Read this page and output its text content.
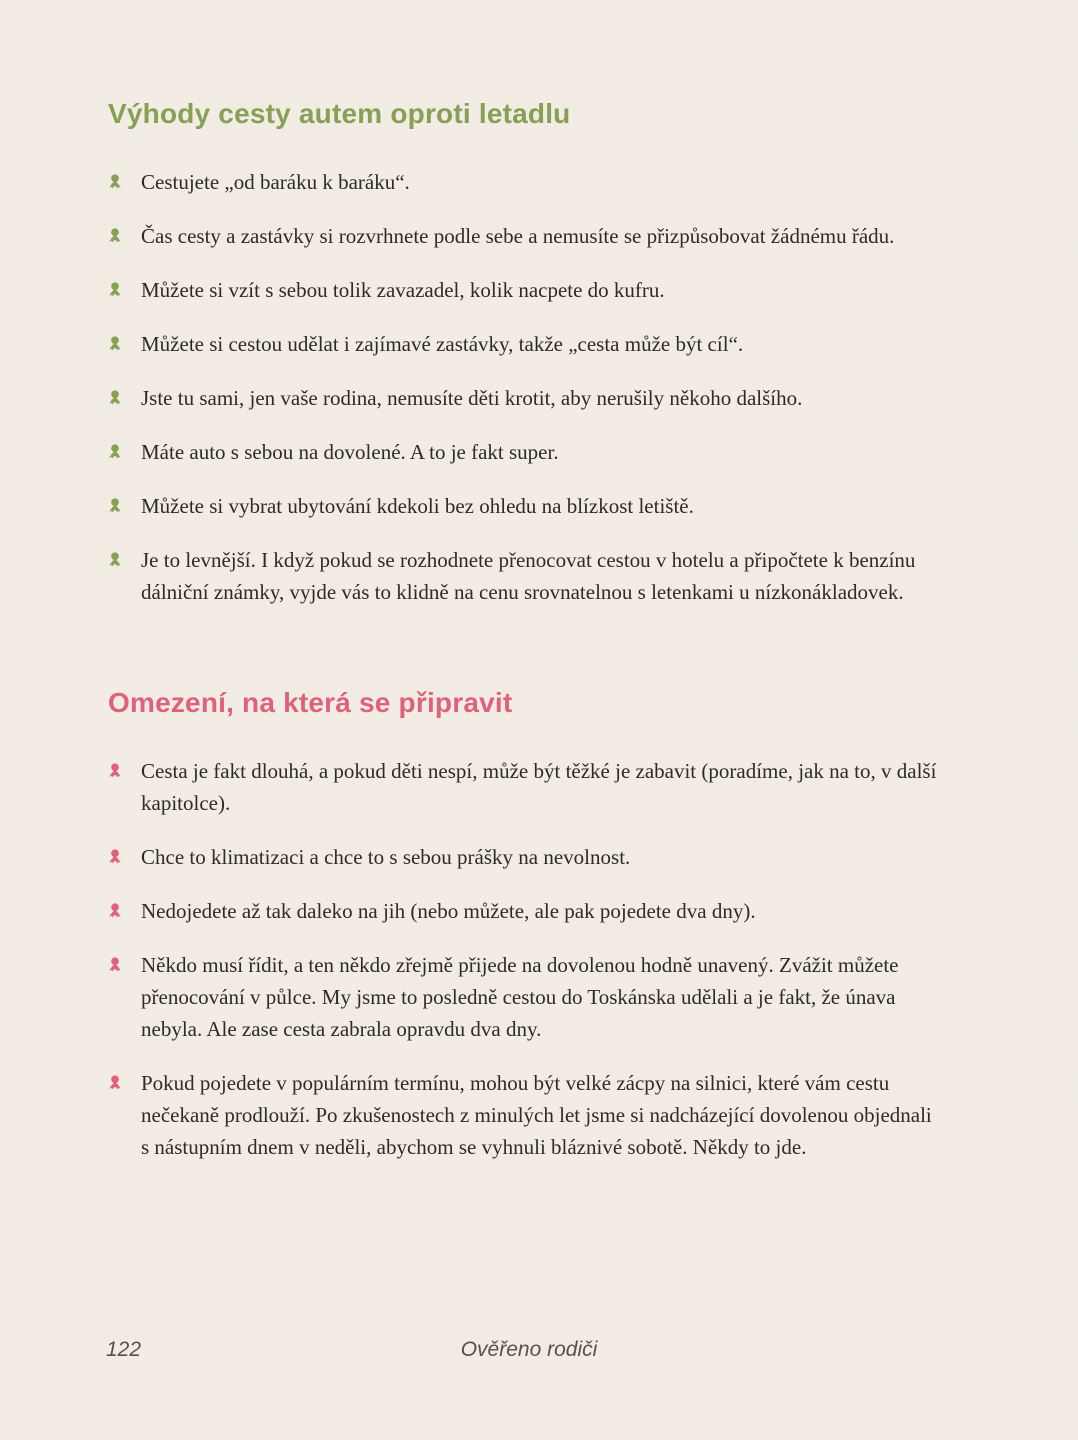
Výhody cesty autem oproti letadlu
Cestujete „od baráku k baráku“.
Čas cesty a zastávky si rozvrhnete podle sebe a nemusíte se přizpůsobovat žádnému řádu.
Můžete si vzít s sebou tolik zavazadel, kolik nacpete do kufru.
Můžete si cestou udělat i zajímavé zastávky, takže „cesta může být cíl“.
Jste tu sami, jen vaše rodina, nemusíte děti krotit, aby nerušily někoho dalšího.
Máte auto s sebou na dovolené. A to je fakt super.
Můžete si vybrat ubytování kdekoli bez ohledu na blízkost letiště.
Je to levnější. I když pokud se rozhodnete přenocovat cestou v hotelu a připočtete k benzínu dálniční známky, vyjde vás to klidně na cenu srovnatelnou s letenkami u nízkonákladovek.
Omezení, na která se připravit
Cesta je fakt dlouhá, a pokud děti nespí, může být těžké je zabavit (poradíme, jak na to, v další kapitolce).
Chce to klimatizaci a chce to s sebou prášky na nevolnost.
Nedojedete až tak daleko na jih (nebo můžete, ale pak pojedete dva dny).
Někdo musí řídit, a ten někdo zřejmě přijede na dovolenou hodně unavený. Zvážit můžete přenocování v půlce. My jsme to posledně cestou do Toskánska udělali a je fakt, že únava nebyla. Ale zase cesta zabrala opravdu dva dny.
Pokud pojedete v populárním termínu, mohou být velké zácpy na silnici, které vám cestu nečekaně prodlouží. Po zkušenostech z minulých let jsme si nadcházející dovolenou objednali s nástupním dnem v neděli, abychom se vyhnuli bláznivé sobotě. Někdy to jde.
122	Ověřeno rodiči
